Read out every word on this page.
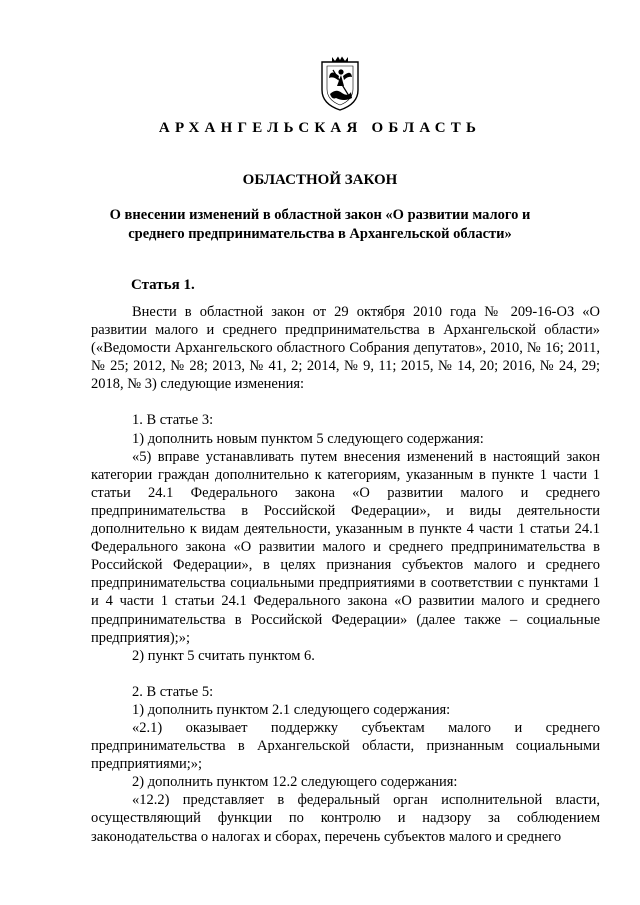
АРХАНГЕЛЬСКАЯ ОБЛАСТЬ
ОБЛАСТНОЙ ЗАКОН
О внесении изменений в областной закон «О развитии малого и среднего предпринимательства в Архангельской области»
Статья 1.

Внести в областной закон от 29 октября 2010 года № 209-16-ОЗ «О развитии малого и среднего предпринимательства в Архангельской области» («Ведомости Архангельского областного Собрания депутатов», 2010, № 16; 2011, № 25; 2012, № 28; 2013, № 41, 2; 2014, № 9, 11; 2015, № 14, 20; 2016, № 24, 29; 2018, № 3) следующие изменения:

1. В статье 3:

1) дополнить новым пунктом 5 следующего содержания:

«5) вправе устанавливать путем внесения изменений в настоящий закон категории граждан дополнительно к категориям, указанным в пункте 1 части 1 статьи 24.1 Федерального закона «О развитии малого и среднего предпринимательства в Российской Федерации», и виды деятельности дополнительно к видам деятельности, указанным в пункте 4 части 1 статьи 24.1 Федерального закона «О развитии малого и среднего предпринимательства в Российской Федерации», в целях признания субъектов малого и среднего предпринимательства социальными предприятиями в соответствии с пунктами 1 и 4 части 1 статьи 24.1 Федерального закона «О развитии малого и среднего предпринимательства в Российской Федерации» (далее также – социальные предприятия);»;

2) пункт 5 считать пунктом 6.

2. В статье 5:

1) дополнить пунктом 2.1 следующего содержания:

«2.1) оказывает поддержку субъектам малого и среднего предпринимательства в Архангельской области, признанным социальными предприятиями;»;

2) дополнить пунктом 12.2 следующего содержания:

«12.2) представляет в федеральный орган исполнительной власти, осуществляющий функции по контролю и надзору за соблюдением законодательства о налогах и сборах, перечень субъектов малого и среднего
